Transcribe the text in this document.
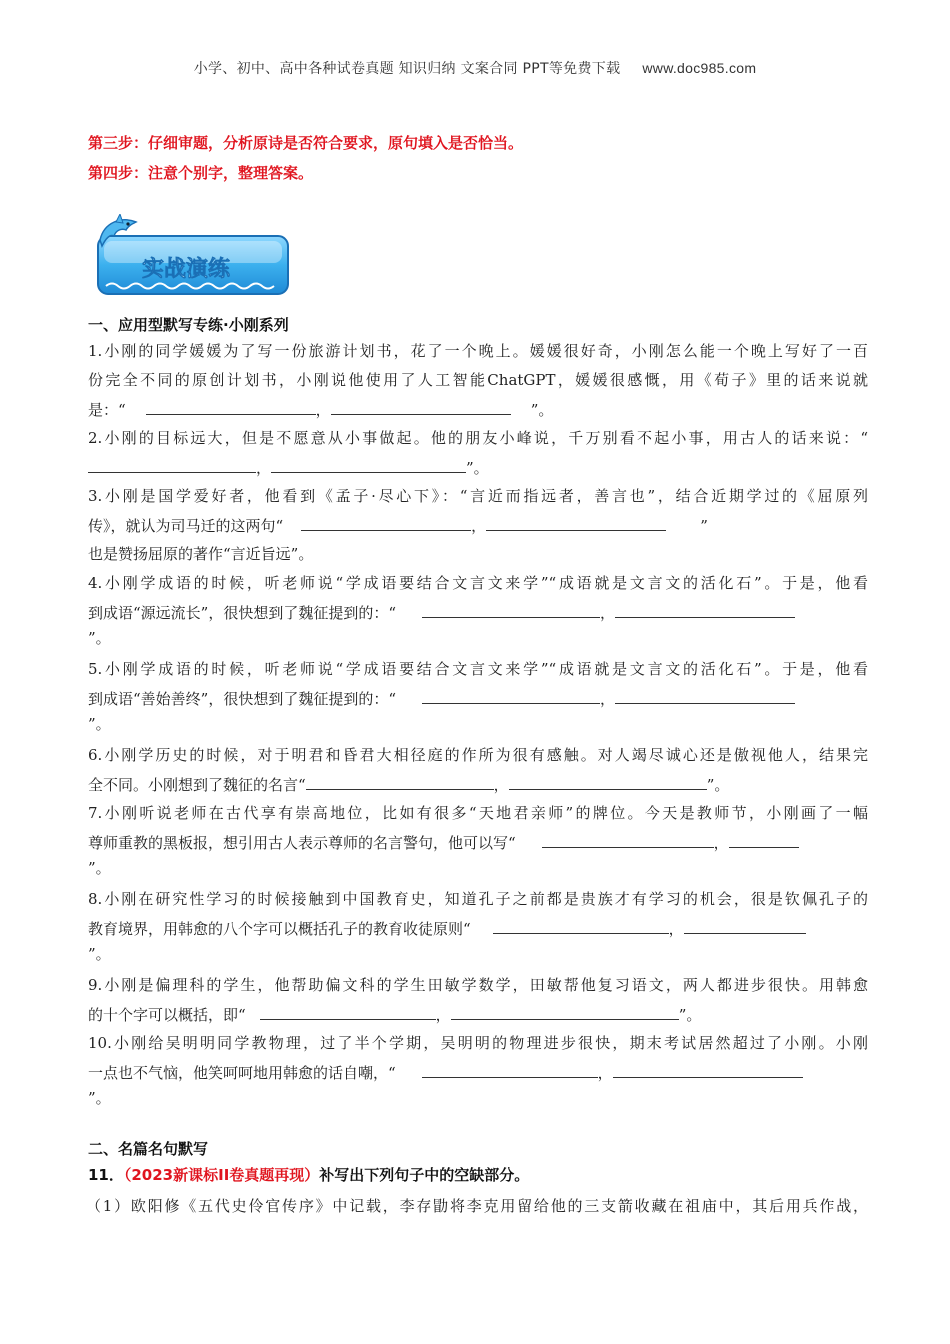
小学、初中、高中各种试卷真题 知识归纳 文案合同 PPT等免费下载 www.doc985.com
第三步：仔细审题，分析原诗是否符合要求，原句填入是否恰当。
第四步：注意个别字，整理答案。
实战演练
一、应用型默写专练·小刚系列
1.小刚的同学媛媛为了写一份旅游计划书，花了一个晚上。媛媛很好奇，小刚怎么能一个晚上写好了一百
份完全不同的原创计划书，小刚说他使用了人工智能ChatGPT，媛媛很感慨，用《荀子》里的话来说就
是：“	，	”。
2.小刚的目标远大，但是不愿意从小事做起。他的朋友小峰说，千万别看不起小事，用古人的话来说：“
，	”。
3.小刚是国学爱好者，他看到《孟子·尽心下》：“言近而指远者，善言也”，结合近期学过的《屈原列
传》，就认为司马迁的这两句“	，	”
也是赞扬屈原的著作“言近旨远”。
4.小刚学成语的时候，听老师说“学成语要结合文言文来学”“成语就是文言文的活化石”。于是，他看
到成语“源远流长”，很快想到了魏征提到的：“	，
”。
5.小刚学成语的时候，听老师说“学成语要结合文言文来学”“成语就是文言文的活化石”。于是，他看
到成语“善始善终”，很快想到了魏征提到的：“	，
”。
6.小刚学历史的时候，对于明君和昏君大相径庭的作所为很有感触。对人竭尽诚心还是傲视他人，结果完
全不同。小刚想到了魏征的名言“	，	”。
7.小刚听说老师在古代享有崇高地位，比如有很多“天地君亲师”的牌位。今天是教师节，小刚画了一幅
尊师重教的黑板报，想引用古人表示尊师的名言警句，他可以写“	，
”。
8.小刚在研究性学习的时候接触到中国教育史，知道孔子之前都是贵族才有学习的机会，很是钦佩孔子的
教育境界，用韩愈的八个字可以概括孔子的教育收徒原则“	，
”。
9.小刚是偏理科的学生，他帮助偏文科的学生田敏学数学，田敏帮他复习语文，两人都进步很快。用韩愈
的十个字可以概括，即“	，	”。
10.小刚给吴明明同学教物理，过了半个学期，吴明明的物理进步很快，期末考试居然超过了小刚。小刚
一点也不气恼，他笑呵呵地用韩愈的话自嘲，“	，
”。
二、名篇名句默写
11．（2023新课标II卷真题再现）补写出下列句子中的空缺部分。
（1）欧阳修《五代史伶官传序》中记载，李存勖将李克用留给他的三支箭收藏在祖庙中，其后用兵作战，
